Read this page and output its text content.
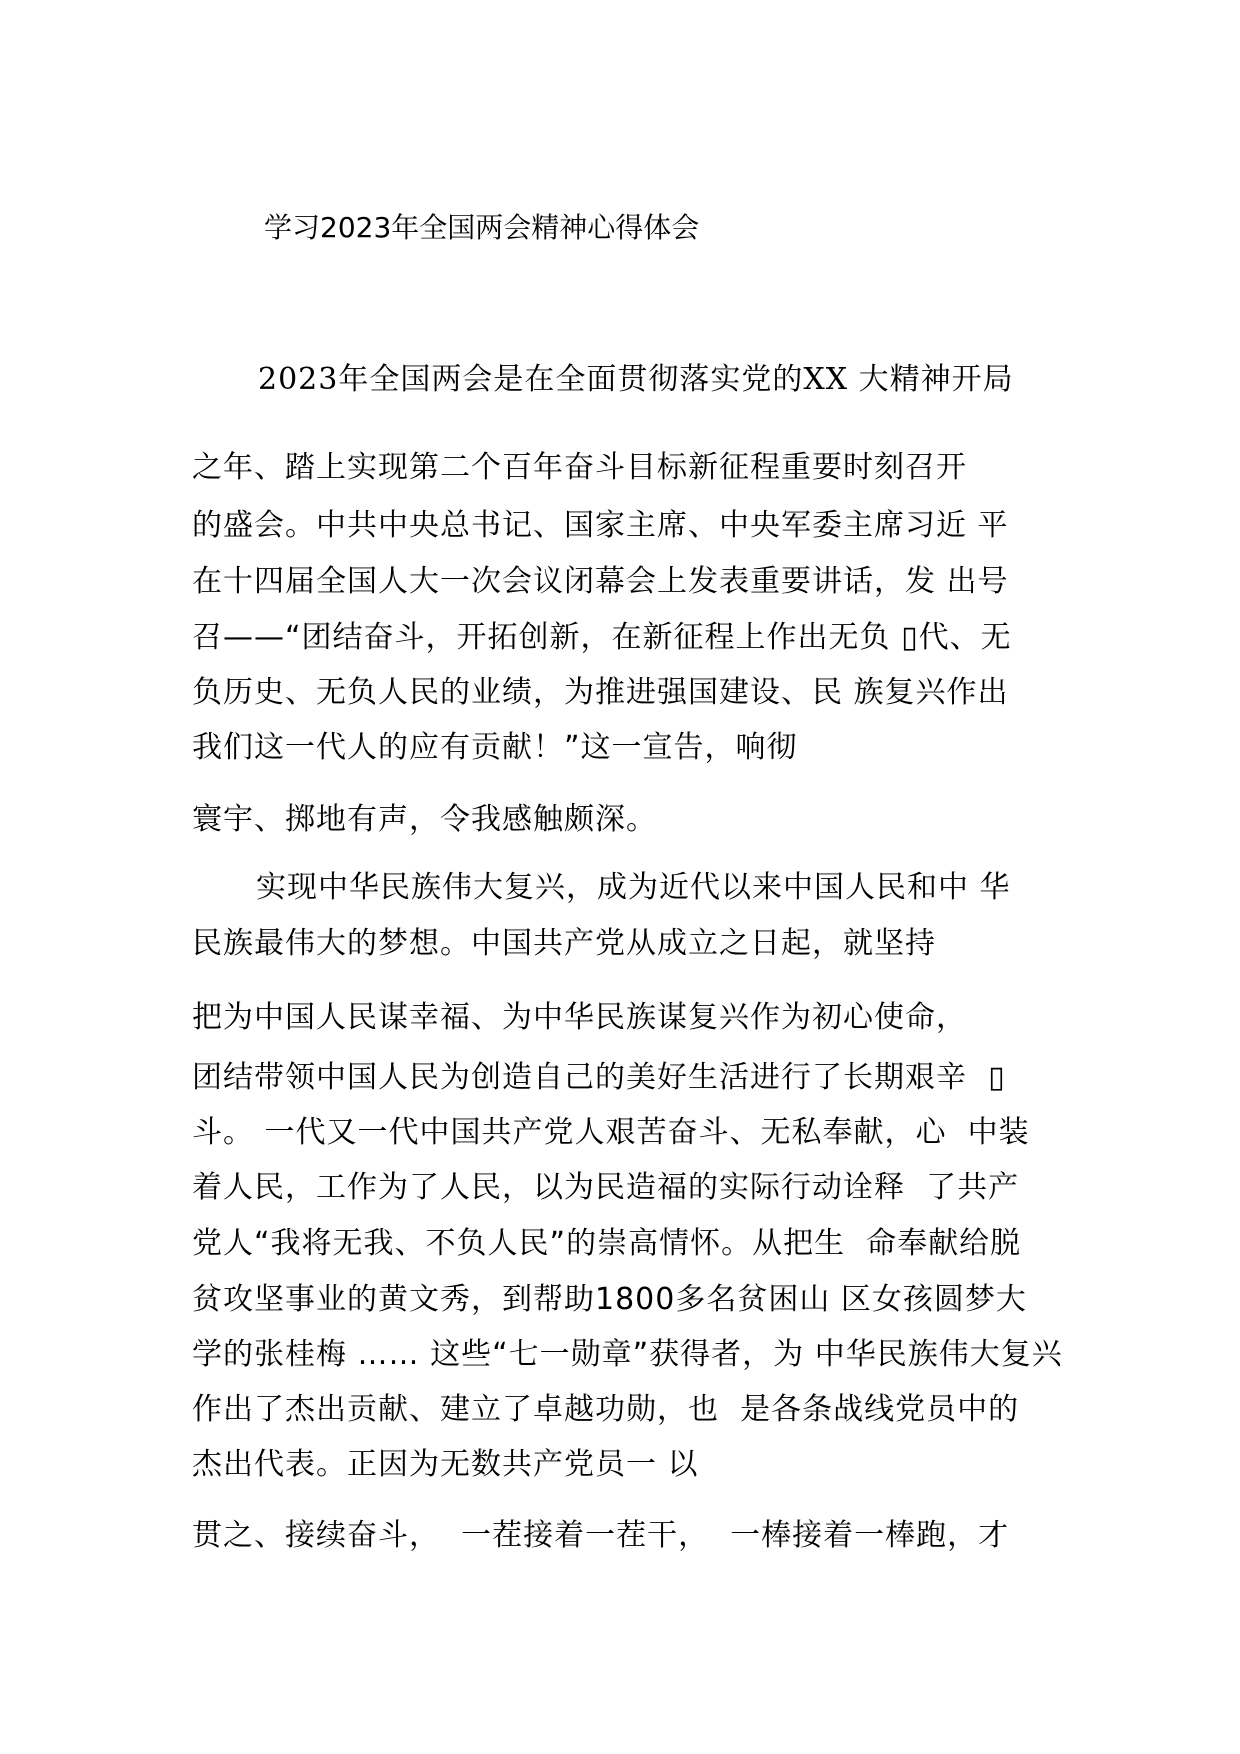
学习2023年全国两会精神心得体会
2023年全国两会是在全面贯彻落实党的XX 大精神开局
之年、踏上实现第二个百年奋斗目标新征程重要时刻召开
的盛会。中共中央总书记、国家主席、中央军委主席习近 平
在十四届全国人大一次会议闭幕会上发表重要讲话，发 出号
召——“团结奋斗，开拓创新，在新征程上作出无负 ▯代、无
负历史、无负人民的业绩，为推进强国建设、民 族复兴作出
我们这一代人的应有贡献！”这一宣告，响彻
寰宇、掷地有声，令我感触颇深。
实现中华民族伟大复兴，成为近代以来中国人民和中 华
民族最伟大的梦想。中国共产党从成立之日起，就坚持
把为中国人民谋幸福、为中华民族谋复兴作为初心使命，
团结带领中国人民为创造自己的美好生活进行了长期艰辛  ▯
斗。 一代又一代中国共产党人艰苦奋斗、无私奉献，心  中装
着人民，工作为了人民，以为民造福的实际行动诠释  了共产
党人“我将无我、不负人民”的崇高情怀。从把生  命奉献给脱
贫攻坚事业的黄文秀，到帮助1800多名贫困山 区女孩圆梦大
学的张桂梅 …… 这些“七一勋章”获得者，为 中华民族伟大复兴
作出了杰出贡献、建立了卓越功勋，也  是各条战线党员中的
杰出代表。正因为无数共产党员一 以
贯之、接续奋斗，  一茬接着一茬干，  一棒接着一棒跑，才
